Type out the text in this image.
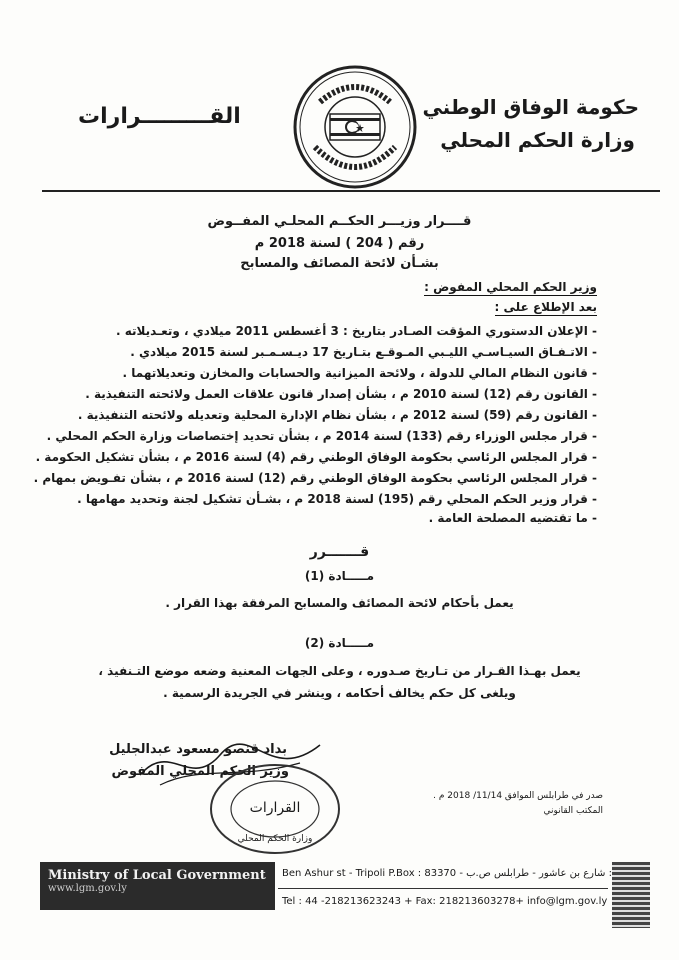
حكومة الوفاق الوطني
وزارة الحكم المحلي
القـــــــــرارات
قــــرار وزيـــر الحكــم المحلـي المفــوض
رقم ( 204 ) لسنة 2018 م
بشـأن لائحة المصائف والمسابح
وزير الحكم المحلي المفوض :
بعد الإطلاع على :
- الإعلان الدستوري المؤقت الصـادر بتاريخ : 3 أغسطس 2011 ميلادي ، وتعـديلاته .
- الاتـفـاق السيـاسـي الليـبي المـوقـع بتـاريخ 17 ديـسـمـبر لسنة 2015 ميلادي .
- قانون النظام المالي للدولة ، ولائحة الميزانية والحسابات والمخازن وتعديلاتهما .
- القانون رقم (12) لسنة 2010 م ، بشأن إصدار قانون علاقات العمل ولائحته التنفيذية .
- القانون رقم (59) لسنة 2012 م ، بشأن نظام الإدارة المحلية وتعديله ولائحته التنفيذية .
- قرار مجلس الوزراء رقم (133) لسنة 2014 م ، بشأن تحديد إختصاصات وزارة الحكم المحلي .
- قرار المجلس الرئاسي بحكومة الوفاق الوطني رقم (4) لسنة 2016 م ، بشأن تشكيل الحكومة .
- قرار المجلس الرئاسي بحكومة الوفاق الوطني رقم (12) لسنة 2016 م ، بشأن تفـويض بمهام .
- قرار وزير الحكم المحلي رقم (195) لسنة 2018 م ، بشـأن تشكيل لجنة وتحديد مهامها .
- ما تقتضيه المصلحة العامة .
قـــــــرر
مـــــادة (1)
يعمل بأحكام لائحة المصائف والمسابح المرفقة بهذا القرار .
مـــــادة (2)
يعمل بهـذا القـرار من تـاريخ صـدوره ، وعلى الجهات المعنية وضعه موضع التـنفيذ ،
ويلغى كل حكم يخالف أحكامه ، وينشر في الجريدة الرسمية .
بداد قنصو مسعود عبدالجليل
وزير الحكم المحلي المفوض
القرارات
وزارة الحكم المحلي
صدر في طرابلس الموافق 11/14/ 2018 م .
المكتب القانوني
Ministry of Local Government
www.lgm.gov.ly
Ben Ashur st - Tripoli P.Box : 83370 - شارع بن عاشور - طرابلس ص.ب :
Tel : 44 -218213623243 + Fax: 218213603278+ info@lgm.gov.ly
